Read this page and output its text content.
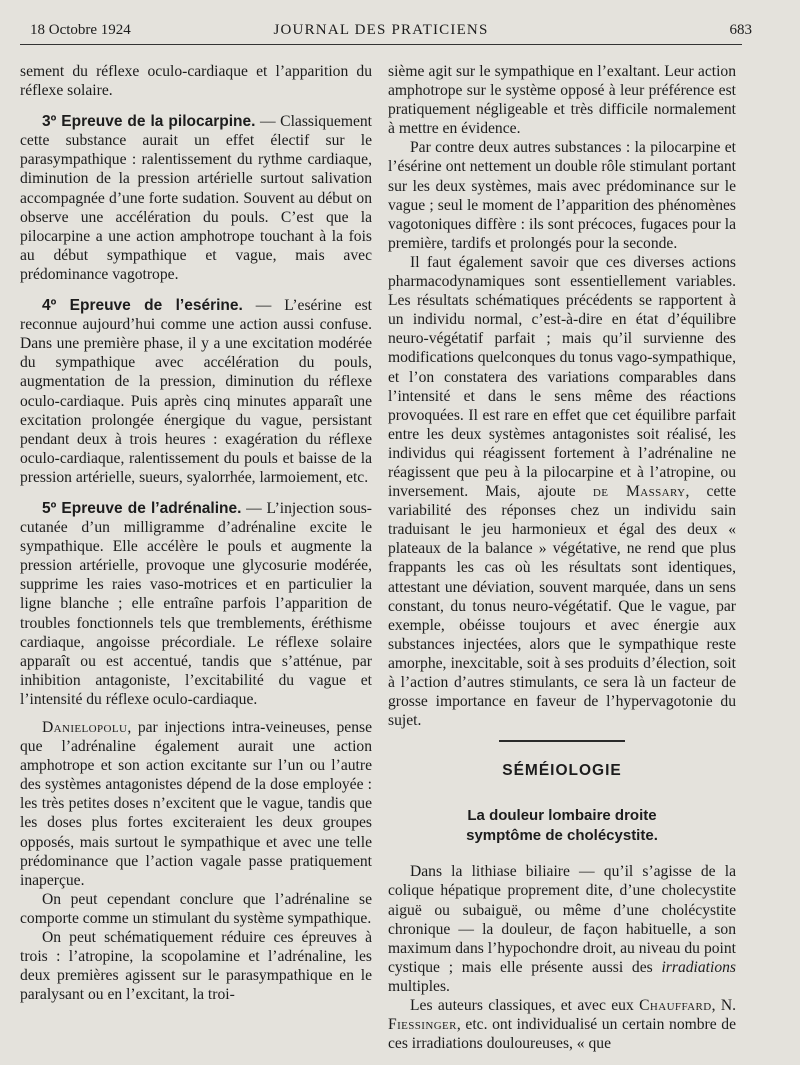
18 Octobre 1924	JOURNAL DES PRATICIENS	683

sement du réflexe oculo-cardiaque et l’apparition du réflexe solaire.

3º Epreuve de la pilocarpine. — Classiquement cette substance aurait un effet électif sur le parasympathique : ralentissement du rythme cardiaque, diminution de la pression artérielle surtout salivation accompagnée d’une forte sudation. Souvent au début on observe une accélération du pouls. C’est que la pilocarpine a une action amphotrope touchant à la fois au début sympathique et vague, mais avec prédominance vagotrope.

4º Epreuve de l’esérine. — L’esérine est reconnue aujourd’hui comme une action aussi confuse. Dans une première phase, il y a une excitation modérée du sympathique avec accélération du pouls, augmentation de la pression, diminution du réflexe oculo-cardiaque. Puis après cinq minutes apparaît une excitation prolongée énergique du vague, persistant pendant deux à trois heures : exagération du réflexe oculo-cardiaque, ralentissement du pouls et baisse de la pression artérielle, sueurs, syalorrhée, larmoiement, etc.

5º Epreuve de l’adrénaline. — L’injection sous-cutanée d’un milligramme d’adrénaline excite le sympathique. Elle accélère le pouls et augmente la pression artérielle, provoque une glycosurie modérée, supprime les raies vaso-motrices et en particulier la ligne blanche ; elle entraîne parfois l’apparition de troubles fonctionnels tels que tremblements, éréthisme cardiaque, angoisse précordiale. Le réflexe solaire apparaît ou est accentué, tandis que s’atténue, par inhibition antagoniste, l’excitabilité du vague et l’intensité du réflexe oculo-cardiaque.

Danielopolu, par injections intra-veineuses, pense que l’adrénaline également aurait une action amphotrope et son action excitante sur l’un ou l’autre des systèmes antagonistes dépend de la dose employée : les très petites doses n’excitent que le vague, tandis que les doses plus fortes exciteraient les deux groupes opposés, mais surtout le sympathique et avec une telle prédominance que l’action vagale passe pratiquement inaperçue.

On peut cependant conclure que l’adrénaline se comporte comme un stimulant du système sympathique.

On peut schématiquement réduire ces épreuves à trois : l’atropine, la scopolamine et l’adrénaline, les deux premières agissent sur le parasympathique en le paralysant ou en l’excitant, la troi-

sième agit sur le sympathique en l’exaltant. Leur action amphotrope sur le système opposé à leur préférence est pratiquement négligeable et très difficile normalement à mettre en évidence.

Par contre deux autres substances : la pilocarpine et l’ésérine ont nettement un double rôle stimulant portant sur les deux systèmes, mais avec prédominance sur le vague ; seul le moment de l’apparition des phénomènes vagotoniques diffère : ils sont précoces, fugaces pour la première, tardifs et prolongés pour la seconde.

Il faut également savoir que ces diverses actions pharmacodynamiques sont essentiellement variables. Les résultats schématiques précédents se rapportent à un individu normal, c’est-à-dire en état d’équilibre neuro-végétatif parfait ; mais qu’il survienne des modifications quelconques du tonus vago-sympathique, et l’on constatera des variations comparables dans l’intensité et dans le sens même des réactions provoquées. Il est rare en effet que cet équilibre parfait entre les deux systèmes antagonistes soit réalisé, les individus qui réagissent fortement à l’adrénaline ne réagissent que peu à la pilocarpine et à l’atropine, ou inversement. Mais, ajoute de Massary, cette variabilité des réponses chez un individu sain traduisant le jeu harmonieux et égal des deux « plateaux de la balance » végétative, ne rend que plus frappants les cas où les résultats sont identiques, attestant une déviation, souvent marquée, dans un sens constant, du tonus neuro-végétatif. Que le vague, par exemple, obéisse toujours et avec énergie aux substances injectées, alors que le sympathique reste amorphe, inexcitable, soit à ses produits d’élection, soit à l’action d’autres stimulants, ce sera là un facteur de grosse importance en faveur de l’hypervagotonie du sujet.

SÉMÉIOLOGIE
La douleur lombaire droite
symptôme de cholécystite.

Dans la lithiase biliaire — qu’il s’agisse de la colique hépatique proprement dite, d’une cholecystite aiguë ou subaiguë, ou même d’une cholécystite chronique — la douleur, de façon habituelle, a son maximum dans l’hypochondre droit, au niveau du point cystique ; mais elle présente aussi des irradiations multiples.

Les auteurs classiques, et avec eux Chauffard, N. Fiessinger, etc. ont individualisé un certain nombre de ces irradiations douloureuses, « que
